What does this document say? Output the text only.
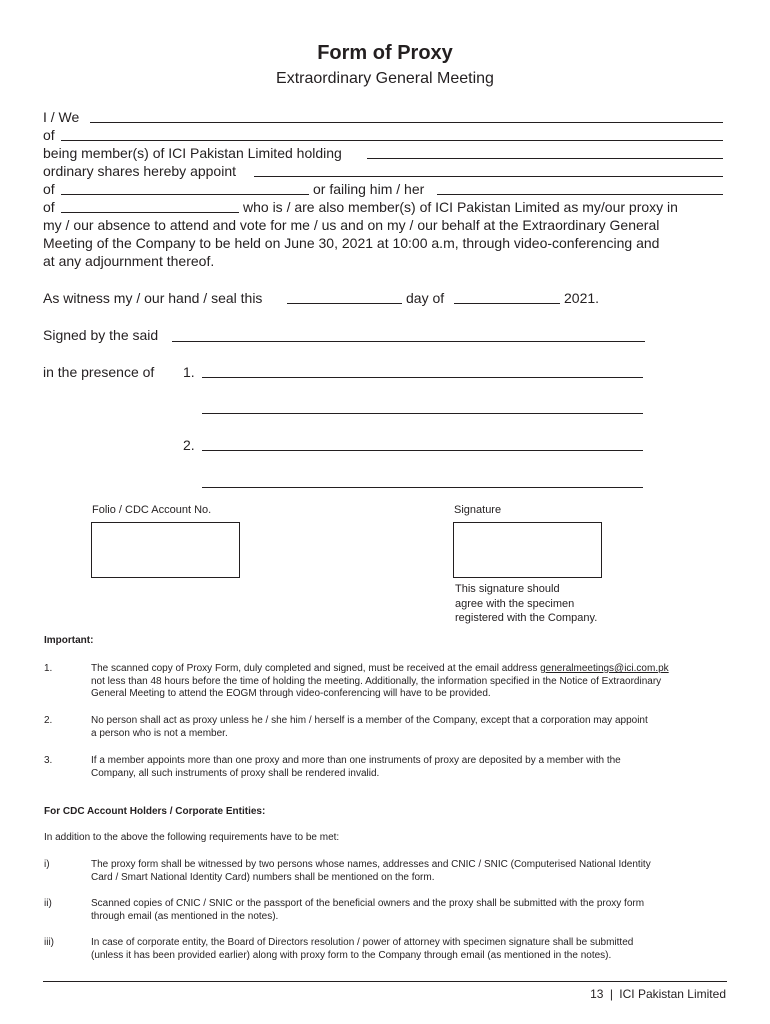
Form of Proxy
Extraordinary General Meeting
I / We
of
being member(s) of ICI Pakistan Limited holding
ordinary shares hereby appoint
of	or failing him / her
of	who is / are also member(s) of ICI Pakistan Limited as my/our proxy in
my / our absence to attend and vote for me / us and on my / our behalf at the Extraordinary General
Meeting of the Company to be held on June 30, 2021 at 10:00 a.m, through video-conferencing and
at any adjournment thereof.
As witness my / our hand / seal this	day of	2021.
Signed by the said
in the presence of 1.
2.
Folio / CDC Account No.	Signature
This signature should
agree with the specimen
registered with the Company.
Important:
1.	The scanned copy of Proxy Form, duly completed and signed, must be received at the email address generalmeetings@ici.com.pk
not less than 48 hours before the time of holding the meeting. Additionally, the information specified in the Notice of Extraordinary
General Meeting to attend the EOGM through video-conferencing will have to be provided.
2.	No person shall act as proxy unless he / she him / herself is a member of the Company, except that a corporation may appoint
a person who is not a member.
3.	If a member appoints more than one proxy and more than one instruments of proxy are deposited by a member with the
Company, all such instruments of proxy shall be rendered invalid.
For CDC Account Holders / Corporate Entities:
In addition to the above the following requirements have to be met:
i)	The proxy form shall be witnessed by two persons whose names, addresses and CNIC / SNIC (Computerised National Identity
Card / Smart National Identity Card) numbers shall be mentioned on the form.
ii)	Scanned copies of CNIC / SNIC or the passport of the beneficial owners and the proxy shall be submitted with the proxy form
through email (as mentioned in the notes).
iii)	In case of corporate entity, the Board of Directors resolution / power of attorney with specimen signature shall be submitted
(unless it has been provided earlier) along with proxy form to the Company through email (as mentioned in the notes).
13 | ICI Pakistan Limited
